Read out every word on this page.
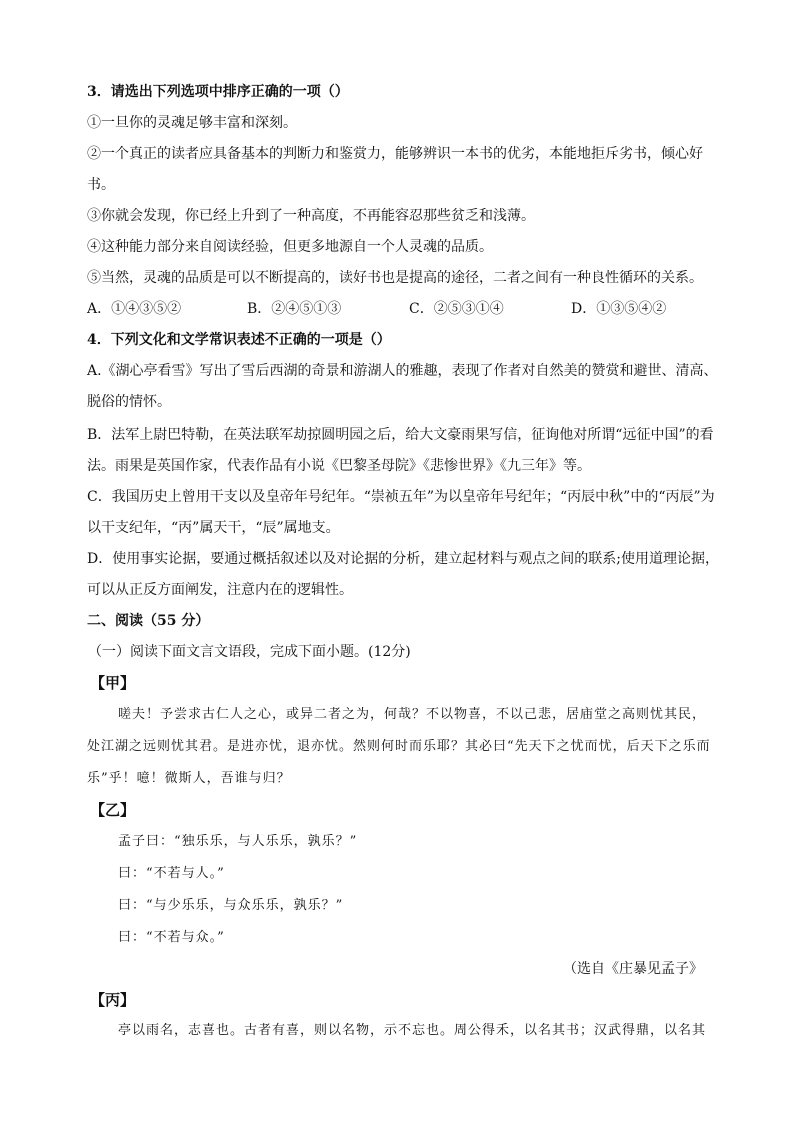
3．请选出下列选项中排序正确的一项（）
①一旦你的灵魂足够丰富和深刻。
②一个真正的读者应具备基本的判断力和鉴赏力，能够辨识一本书的优劣，本能地拒斥劣书，倾心好
书。
③你就会发现，你已经上升到了一种高度，不再能容忍那些贫乏和浅薄。
④这种能力部分来自阅读经验，但更多地源自一个人灵魂的品质。
⑤当然，灵魂的品质是可以不断提高的，读好书也是提高的途径，二者之间有一种良性循环的关系。
A．①④③⑤②	B．②④⑤①③	C．②⑤③①④	D．①③⑤④②
4．下列文化和文学常识表述不正确的一项是（）
A.《湖心亭看雪》写出了雪后西湖的奇景和游湖人的雅趣，表现了作者对自然美的赞赏和避世、清高、
脱俗的情怀。
B．法军上尉巴特勒，在英法联军劫掠圆明园之后，给大文豪雨果写信，征询他对所谓“远征中国”的看
法。雨果是英国作家，代表作品有小说《巴黎圣母院》《悲惨世界》《九三年》等。
C．我国历史上曾用干支以及皇帝年号纪年。“崇祯五年”为以皇帝年号纪年；“丙辰中秋”中的“丙辰”为
以干支纪年，“丙”属天干，“辰”属地支。
D．使用事实论据，要通过概括叙述以及对论据的分析，建立起材料与观点之间的联系;使用道理论据，
可以从正反方面阐发，注意内在的逻辑性。
二、阅读（55 分）
（一）阅读下面文言文语段，完成下面小题。(12分)
【甲】
嗟夫！予尝求古仁人之心，或异二者之为，何哉？不以物喜，不以己悲，居庙堂之高则忧其民，
处江湖之远则忧其君。是进亦忧，退亦忧。然则何时而乐耶？其必曰“先天下之忧而忧，后天下之乐而
乐”乎！噫！微斯人，吾谁与归？
【乙】
孟子曰：“独乐乐，与人乐乐，孰乐？”
曰：“不若与人。”
曰：“与少乐乐，与众乐乐，孰乐？”
曰：“不若与众。”
（选自《庄暴见孟子》
【丙】
亭以雨名，志喜也。古者有喜，则以名物，示不忘也。周公得禾，以名其书；汉武得鼎，以名其
